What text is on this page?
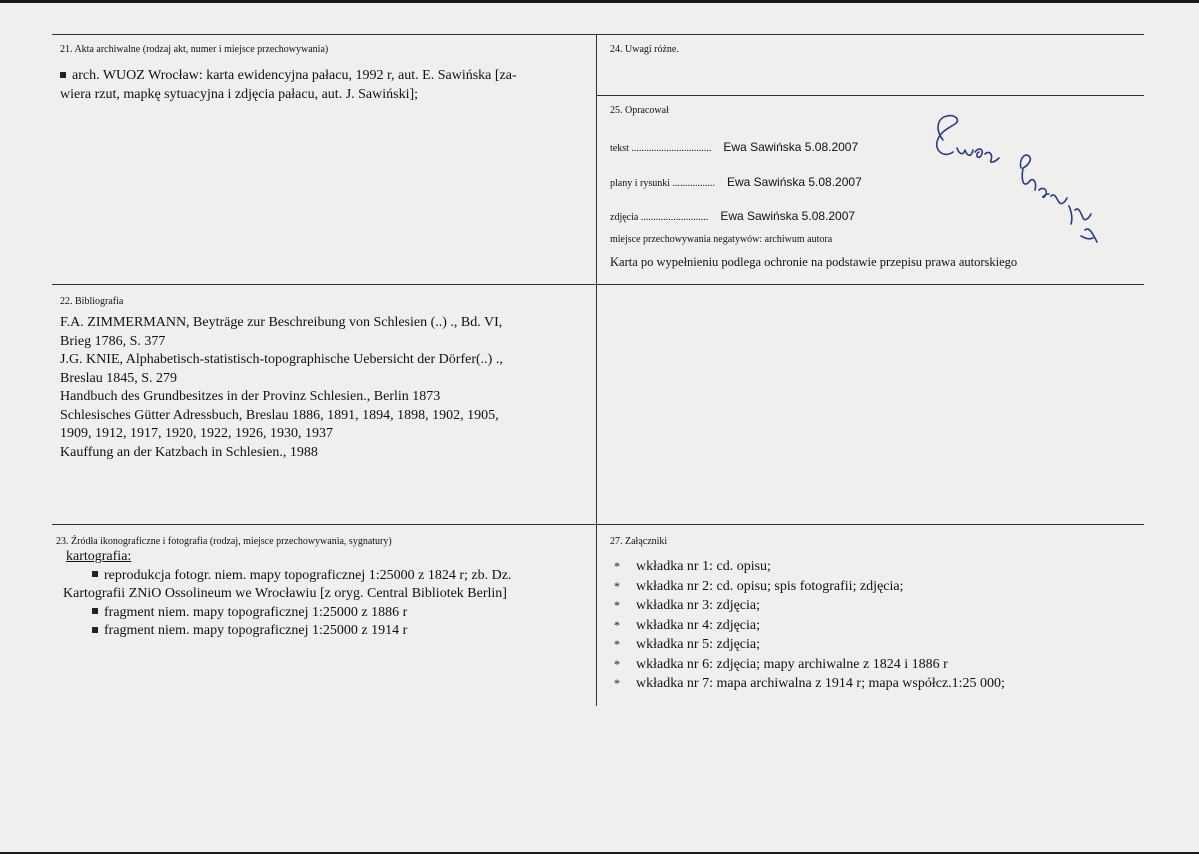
21. Akta archiwalne (rodzaj akt, numer i miejsce przechowywania)
arch. WUOZ Wrocław: karta ewidencyjna pałacu, 1992 r, aut. E. Sawińska [za-
wiera rzut, mapkę sytuacyjna i zdjęcia pałacu, aut. J. Sawiński];
24. Uwagi różne.
25. Opracował
tekst ................................ Ewa Sawińska 5.08.2007
plany i rysunki ................. Ewa Sawińska 5.08.2007
zdjęcia ........................... Ewa Sawińska 5.08.2007
miejsce przechowywania negatywów: archiwum autora
Karta po wypełnieniu podlega ochronie na podstawie przepisu prawa autorskiego
22. Bibliografia
F.A. ZIMMERMANN, Beyträge zur Beschreibung von Schlesien (..) ., Bd. VI,
Brieg 1786, S. 377
J.G. KNIE, Alphabetisch-statistisch-topographische Uebersicht der Dörfer(..) .,
Breslau 1845, S. 279
Handbuch des Grundbesitzes in der Provinz Schlesien., Berlin 1873
Schlesisches Gütter Adressbuch, Breslau 1886, 1891, 1894, 1898, 1902, 1905,
1909, 1912, 1917, 1920, 1922, 1926, 1930, 1937
Kauffung an der Katzbach in Schlesien., 1988
23. Źródła ikonograficzne i fotografia (rodzaj, miejsce przechowywania, sygnatury)
kartografia:
reprodukcja fotogr. niem. mapy topograficznej 1:25000 z 1824 r; zb. Dz.
Kartografii ZNiO Ossolineum we Wrocławiu [z oryg. Central Bibliotek Berlin]
fragment niem. mapy topograficznej 1:25000 z 1886 r
fragment niem. mapy topograficznej 1:25000 z 1914 r
27. Załączniki
* wkładka nr 1: cd. opisu;
* wkładka nr 2: cd. opisu; spis fotografii; zdjęcia;
* wkładka nr 3: zdjęcia;
* wkładka nr 4: zdjęcia;
* wkładka nr 5: zdjęcia;
* wkładka nr 6: zdjęcia; mapy archiwalne z 1824 i 1886 r
* wkładka nr 7: mapa archiwalna z 1914 r; mapa współcz.1:25 000;
